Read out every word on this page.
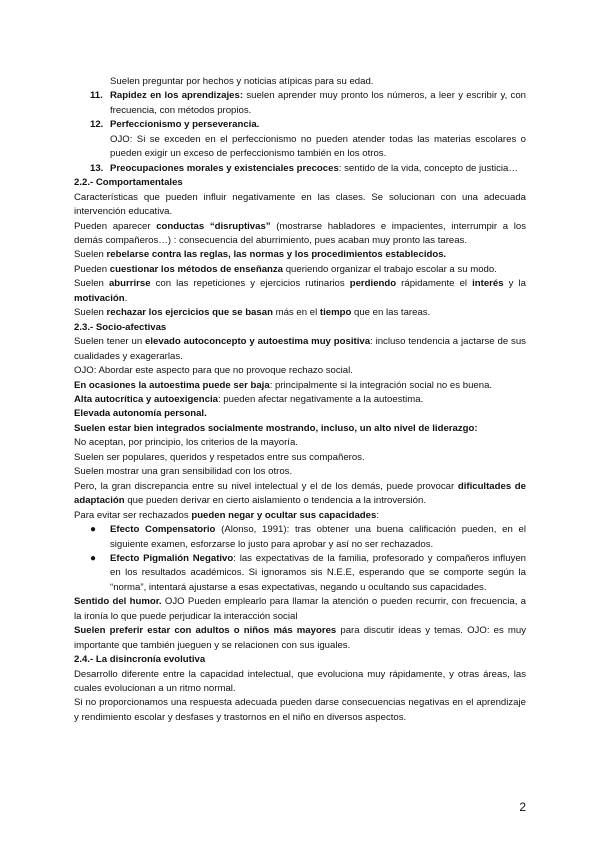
Suelen preguntar por hechos y noticias atípicas para su edad.

11. Rapidez en los aprendizajes: suelen aprender muy pronto los números, a leer y escribir y, con frecuencia, con métodos propios.

12. Perfeccionismo y perseverancia.

OJO: Si se exceden en el perfeccionismo no pueden atender todas las materias escolares o pueden exigir un exceso de perfeccionismo también en los otros.

13. Preocupaciones morales y existenciales precoces: sentido de la vida, concepto de justicia…

2.2.- Comportamentales

Características que pueden influir negativamente en las clases. Se solucionan con una adecuada intervención educativa.

Pueden aparecer conductas “disruptivas” (mostrarse habladores e impacientes, interrumpir a los demás compañeros…) : consecuencia del aburrimiento, pues acaban muy pronto las tareas.

Suelen rebelarse contra las reglas, las normas y los procedimientos establecidos.

Pueden cuestionar los métodos de enseñanza queriendo organizar el trabajo escolar a su modo.

Suelen aburrirse con las repeticiones y ejercicios rutinarios perdiendo rápidamente el interés y la motivación.

Suelen rechazar los ejercicios que se basan más en el tiempo que en las tareas.

2.3.- Socio-afectivas

Suelen tener un elevado autoconcepto y autoestima muy positiva: incluso tendencia a jactarse de sus cualidades y exagerarlas.

OJO: Abordar este aspecto para que no provoque rechazo social.

En ocasiones la autoestima puede ser baja: principalmente si la integración social no es buena.

Alta autocrítica y autoexigencia: pueden afectar negativamente a la autoestima.

Elevada autonomía personal.

Suelen estar bien integrados socialmente mostrando, incluso, un alto nivel de liderazgo:

No aceptan, por principio, los criterios de la mayoría.

Suelen ser populares, queridos y respetados entre sus compañeros.

Suelen mostrar una gran sensibilidad con los otros.

Pero, la gran discrepancia entre su nivel intelectual y el de los demás, puede provocar dificultades de adaptación que pueden derivar en cierto aislamiento o tendencia a la introversión.

Para evitar ser rechazados pueden negar y ocultar sus capacidades:

● Efecto Compensatorio (Alonso, 1991): tras obtener una buena calificación pueden, en el siguiente examen, esforzarse lo justo para aprobar y así no ser rechazados.

● Efecto Pigmalión Negativo: las expectativas de la familia, profesorado y compañeros influyen en los resultados académicos. Si ignoramos sis N.E.E, esperando que se comporte según la “norma”, intentará ajustarse a esas expectativas, negando u ocultando sus capacidades.

Sentido del humor. OJO Pueden emplearlo para llamar la atención o pueden recurrir, con frecuencia, a la ironía lo que puede perjudicar la interacción social

Suelen preferir estar con adultos o niños más mayores para discutir ideas y temas. OJO: es muy importante que también jueguen y se relacionen con sus iguales.

2.4.- La disincronía evolutiva

Desarrollo diferente entre la capacidad intelectual, que evoluciona muy rápidamente, y otras áreas, las cuales evolucionan a un ritmo normal.

Si no proporcionamos una respuesta adecuada pueden darse consecuencias negativas en el aprendizaje y rendimiento escolar y desfases y trastornos en el niño en diversos aspectos.

2
